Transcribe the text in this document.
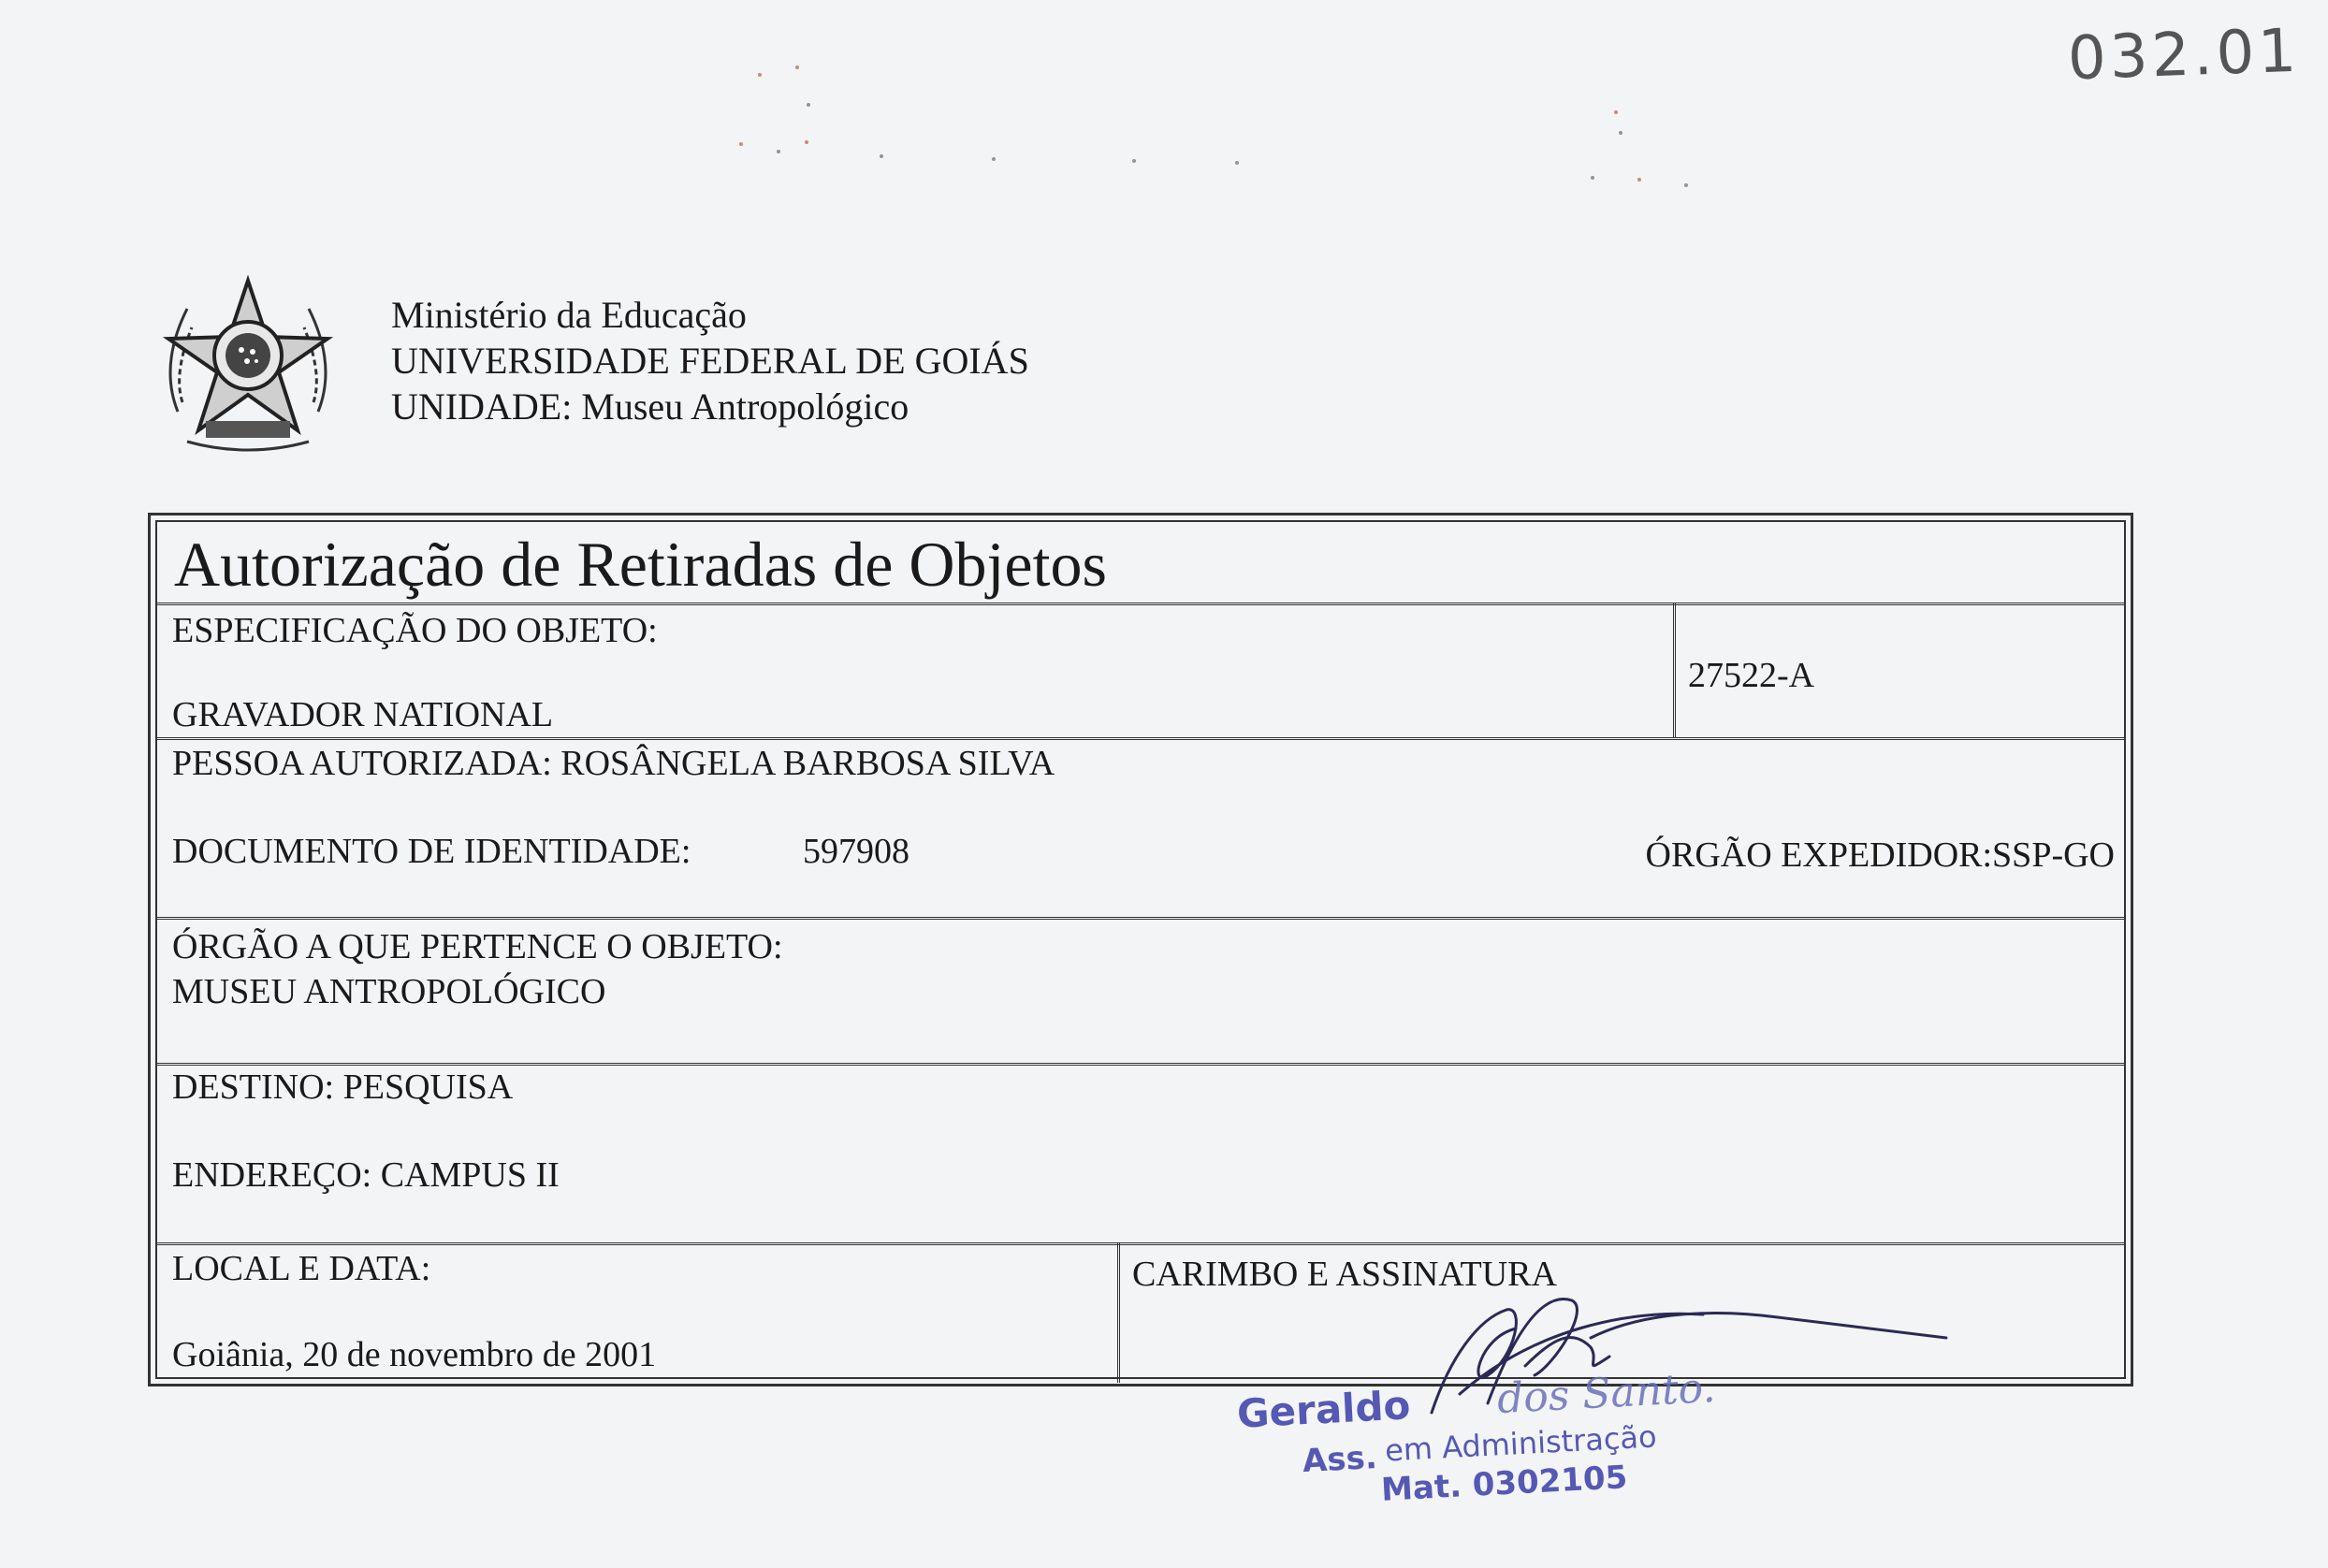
032.01
Ministério da Educação
UNIVERSIDADE FEDERAL DE GOIÁS
UNIDADE: Museu Antropológico
Autorização de Retiradas de Objetos
ESPECIFICAÇÃO DO OBJETO:
GRAVADOR NATIONAL
27522-A
PESSOA AUTORIZADA: ROSÂNGELA BARBOSA SILVA
DOCUMENTO DE IDENTIDADE:	597908	ÓRGÃO EXPEDIDOR:SSP-GO
ÓRGÃO A QUE PERTENCE O OBJETO:
MUSEU ANTROPOLÓGICO
DESTINO: PESQUISA
ENDEREÇO: CAMPUS II
LOCAL E DATA:
Goiânia, 20 de novembro de 2001
CARIMBO E ASSINATURA
Geraldo dos Santo.
Ass. em Administração
Mat. 0302105
